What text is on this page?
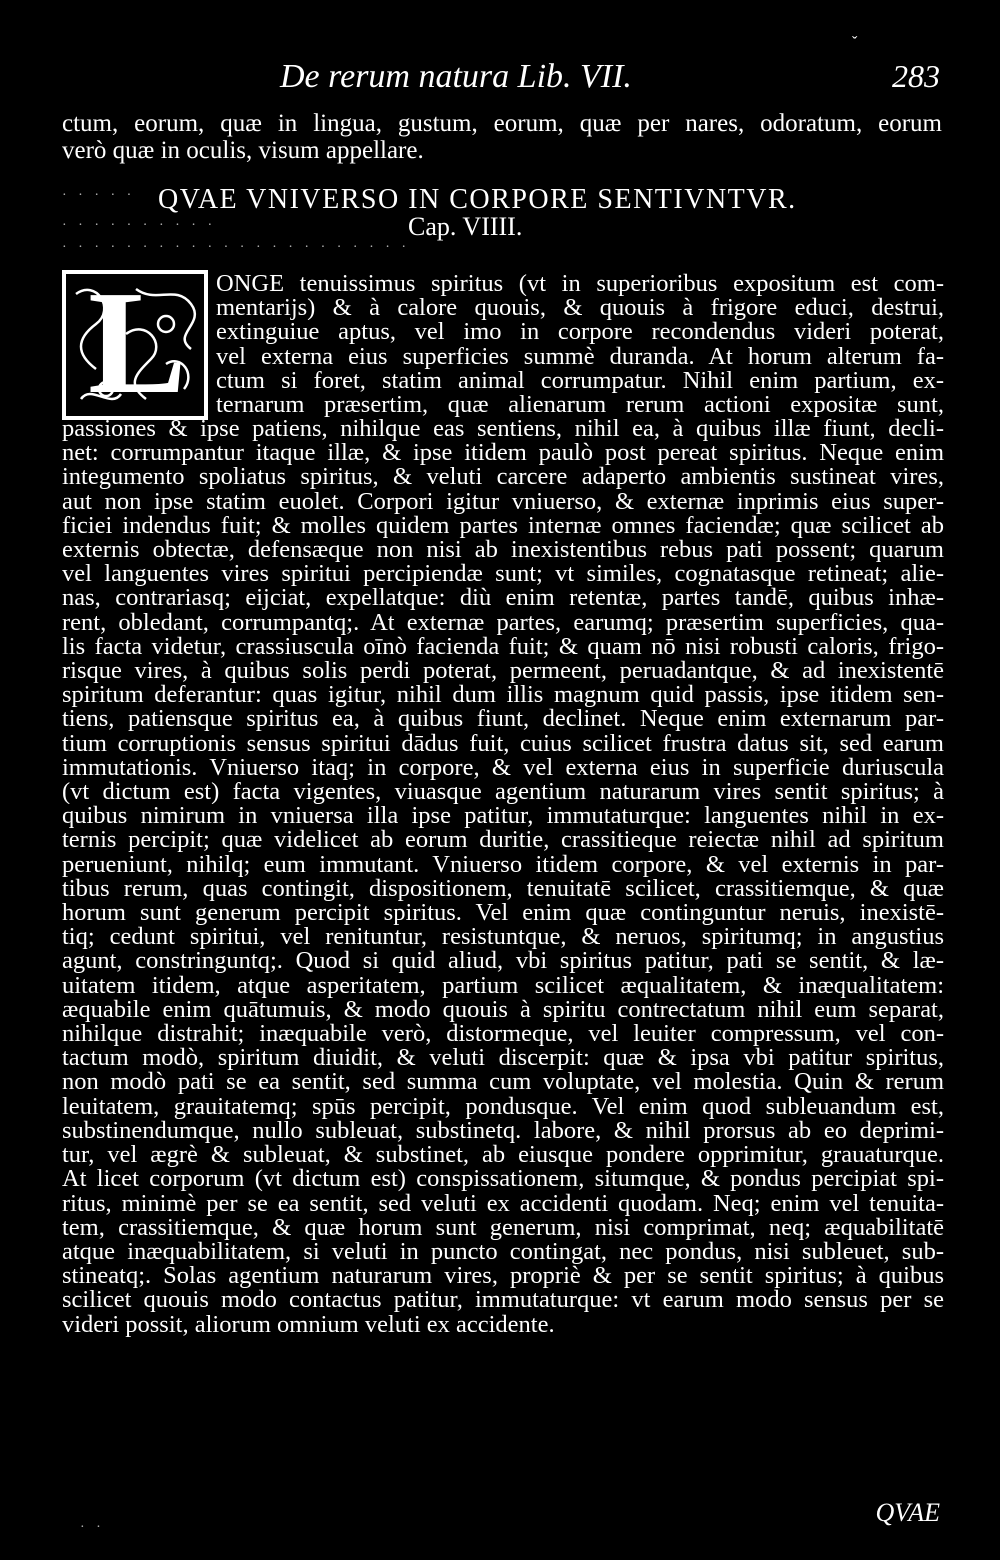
ˇ
De rerum natura Lib. VII.	283
ctum, eorum, quæ in lingua, gustum, eorum, quæ per nares, odoratum, eorum
verò quæ in oculis, visum appellare.
QVAE VNIVERSO IN CORPORE SENTIVNTVR.
Cap. VIIII.
L ONGE tenuissimus spiritus (vt in superioribus expositum est com-
mentarijs) & à calore quouis, & quouis à frigore educi, destrui,
extinguiue aptus, vel imo in corpore recondendus videri poterat,
vel externa eius superficies summè duranda. At horum alterum fa-
ctum si foret, statim animal corrumpatur. Nihil enim partium, ex-
ternarum præsertim, quæ alienarum rerum actioni expositæ sunt,
passiones & ipse patiens, nihilque eas sentiens, nihil ea, à quibus illæ fiunt, decli-
net: corrumpantur itaque illæ, & ipse itidem paulò post pereat spiritus. Neque enim
integumento spoliatus spiritus, & veluti carcere adaperto ambientis sustineat vires,
aut non ipse statim euolet. Corpori igitur vniuerso, & externæ inprimis eius super-
ficiei indendus fuit; & molles quidem partes internæ omnes faciendæ; quæ scilicet ab
externis obtectæ, defensæque non nisi ab inexistentibus rebus pati possent; quarum
vel languentes vires spiritui percipiendæ sunt; vt similes, cognatasque retineat; alie-
nas, contrariasq; eijciat, expellatque: diù enim retentæ, partes tandē, quibus inhæ-
rent, obledant, corrumpantq;. At externæ partes, earumq; præsertim superficies, qua-
lis facta videtur, crassiuscula oīnò facienda fuit; & quam nō nisi robusti caloris, frigo-
risque vires, à quibus solis perdi poterat, permeent, peruadantque, & ad inexistentē
spiritum deferantur: quas igitur, nihil dum illis magnum quid passis, ipse itidem sen-
tiens, patiensque spiritus ea, à quibus fiunt, declinet. Neque enim externarum par-
tium corruptionis sensus spiritui dādus fuit, cuius scilicet frustra datus sit, sed earum
immutationis. Vniuerso itaq; in corpore, & vel externa eius in superficie duriuscula
(vt dictum est) facta vigentes, viuasque agentium naturarum vires sentit spiritus; à
quibus nimirum in vniuersa illa ipse patitur, immutaturque: languentes nihil in ex-
ternis percipit; quæ videlicet ab eorum duritie, crassitieque reiectæ nihil ad spiritum
perueniunt, nihilq; eum immutant. Vniuerso itidem corpore, & vel externis in par-
tibus rerum, quas contingit, dispositionem, tenuitatē scilicet, crassitiemque, & quæ
horum sunt generum percipit spiritus. Vel enim quæ continguntur neruis, inexistē-
tiq; cedunt spiritui, vel renituntur, resistuntque, & neruos, spiritumq; in angustius
agunt, constringuntq;. Quod si quid aliud, vbi spiritus patitur, pati se sentit, & læ-
uitatem itidem, atque asperitatem, partium scilicet æqualitatem, & inæqualitatem:
æquabile enim quātumuis, & modo quouis à spiritu contrectatum nihil eum separat,
nihilque distrahit; inæquabile verò, distormeque, vel leuiter compressum, vel con-
tactum modò, spiritum diuidit, & veluti discerpit: quæ & ipsa vbi patitur spiritus,
non modò pati se ea sentit, sed summa cum voluptate, vel molestia. Quin & rerum
leuitatem, grauitatemq; spūs percipit, pondusque. Vel enim quod subleuandum est,
substinendumque, nullo subleuat, substinetq. labore, & nihil prorsus ab eo deprimi-
tur, vel ægrè & subleuat, & substinet, ab eiusque pondere opprimitur, grauaturque.
At licet corporum (vt dictum est) conspissationem, situmque, & pondus percipiat spi-
ritus, minimè per se ea sentit, sed veluti ex accidenti quodam. Neq; enim vel tenuita-
tem, crassitiemque, & quæ horum sunt generum, nisi comprimat, neq; æquabilitatē
atque inæquabilitatem, si veluti in puncto contingat, nec pondus, nisi subleuet, sub-
stineatq;. Solas agentium naturarum vires, propriè & per se sentit spiritus; à quibus
scilicet quouis modo contactus patitur, immutaturque: vt earum modo sensus per se
videri possit, aliorum omnium veluti ex accidente.
QVAE
· · · · ·
· · · · · · · · · ·
· · · · · · · · · · · · · · · · · · · · · ·
· ·
